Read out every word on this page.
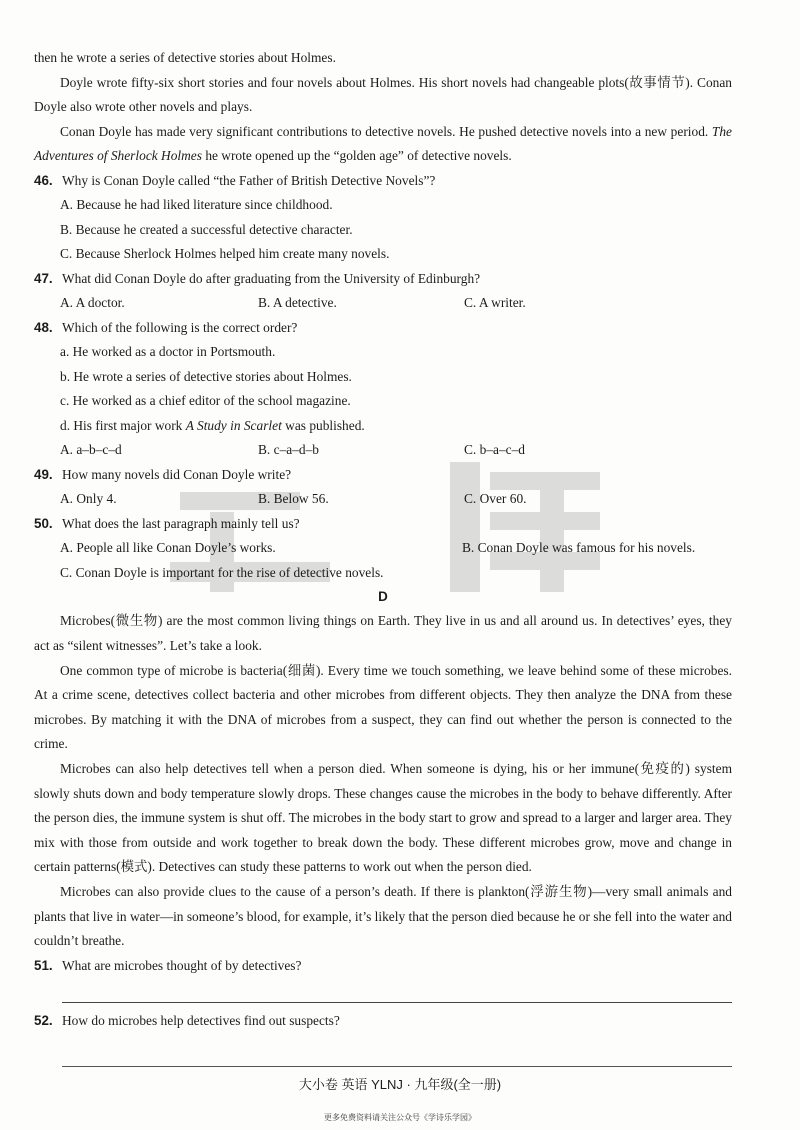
then he wrote a series of detective stories about Holmes.

Doyle wrote fifty-six short stories and four novels about Holmes. His short novels had changeable plots(故事情节). Conan Doyle also wrote other novels and plays.

Conan Doyle has made very significant contributions to detective novels. He pushed detective novels into a new period. The Adventures of Sherlock Holmes he wrote opened up the “golden age” of detective novels.

46. Why is Conan Doyle called “the Father of British Detective Novels”?
A. Because he had liked literature since childhood.
B. Because he created a successful detective character.
C. Because Sherlock Holmes helped him create many novels.
47. What did Conan Doyle do after graduating from the University of Edinburgh?
A. A doctor.	B. A detective.	C. A writer.
48. Which of the following is the correct order?
a. He worked as a doctor in Portsmouth.
b. He wrote a series of detective stories about Holmes.
c. He worked as a chief editor of the school magazine.
d. His first major work A Study in Scarlet was published.
A. a–b–c–d	B. c–a–d–b	C. b–a–c–d
49. How many novels did Conan Doyle write?
A. Only 4.	B. Below 56.	C. Over 60.
50. What does the last paragraph mainly tell us?
A. People all like Conan Doyle’s works.	B. Conan Doyle was famous for his novels.
C. Conan Doyle is important for the rise of detective novels.
D

Microbes(微生物) are the most common living things on Earth. They live in us and all around us. In detectives’ eyes, they act as “silent witnesses”. Let’s take a look.

One common type of microbe is bacteria(细菌). Every time we touch something, we leave behind some of these microbes. At a crime scene, detectives collect bacteria and other microbes from different objects. They then analyze the DNA from these microbes. By matching it with the DNA of microbes from a suspect, they can find out whether the person is connected to the crime.

Microbes can also help detectives tell when a person died. When someone is dying, his or her immune(免疫的) system slowly shuts down and body temperature slowly drops. These changes cause the microbes in the body to behave differently. After the person dies, the immune system is shut off. The microbes in the body start to grow and spread to a larger and larger area. They mix with those from outside and work together to break down the body. These different microbes grow, move and change in certain patterns(模式). Detectives can study these patterns to work out when the person died.

Microbes can also provide clues to the cause of a person’s death. If there is plankton(浮游生物)—very small animals and plants that live in water—in someone’s blood, for example, it’s likely that the person died because he or she fell into the water and couldn’t breathe.

51. What are microbes thought of by detectives?
52. How do microbes help detectives find out suspects?
大小卷 英语 YLNJ · 九年级(全一册)
更多免费资料请关注公众号《学诗乐学园》
